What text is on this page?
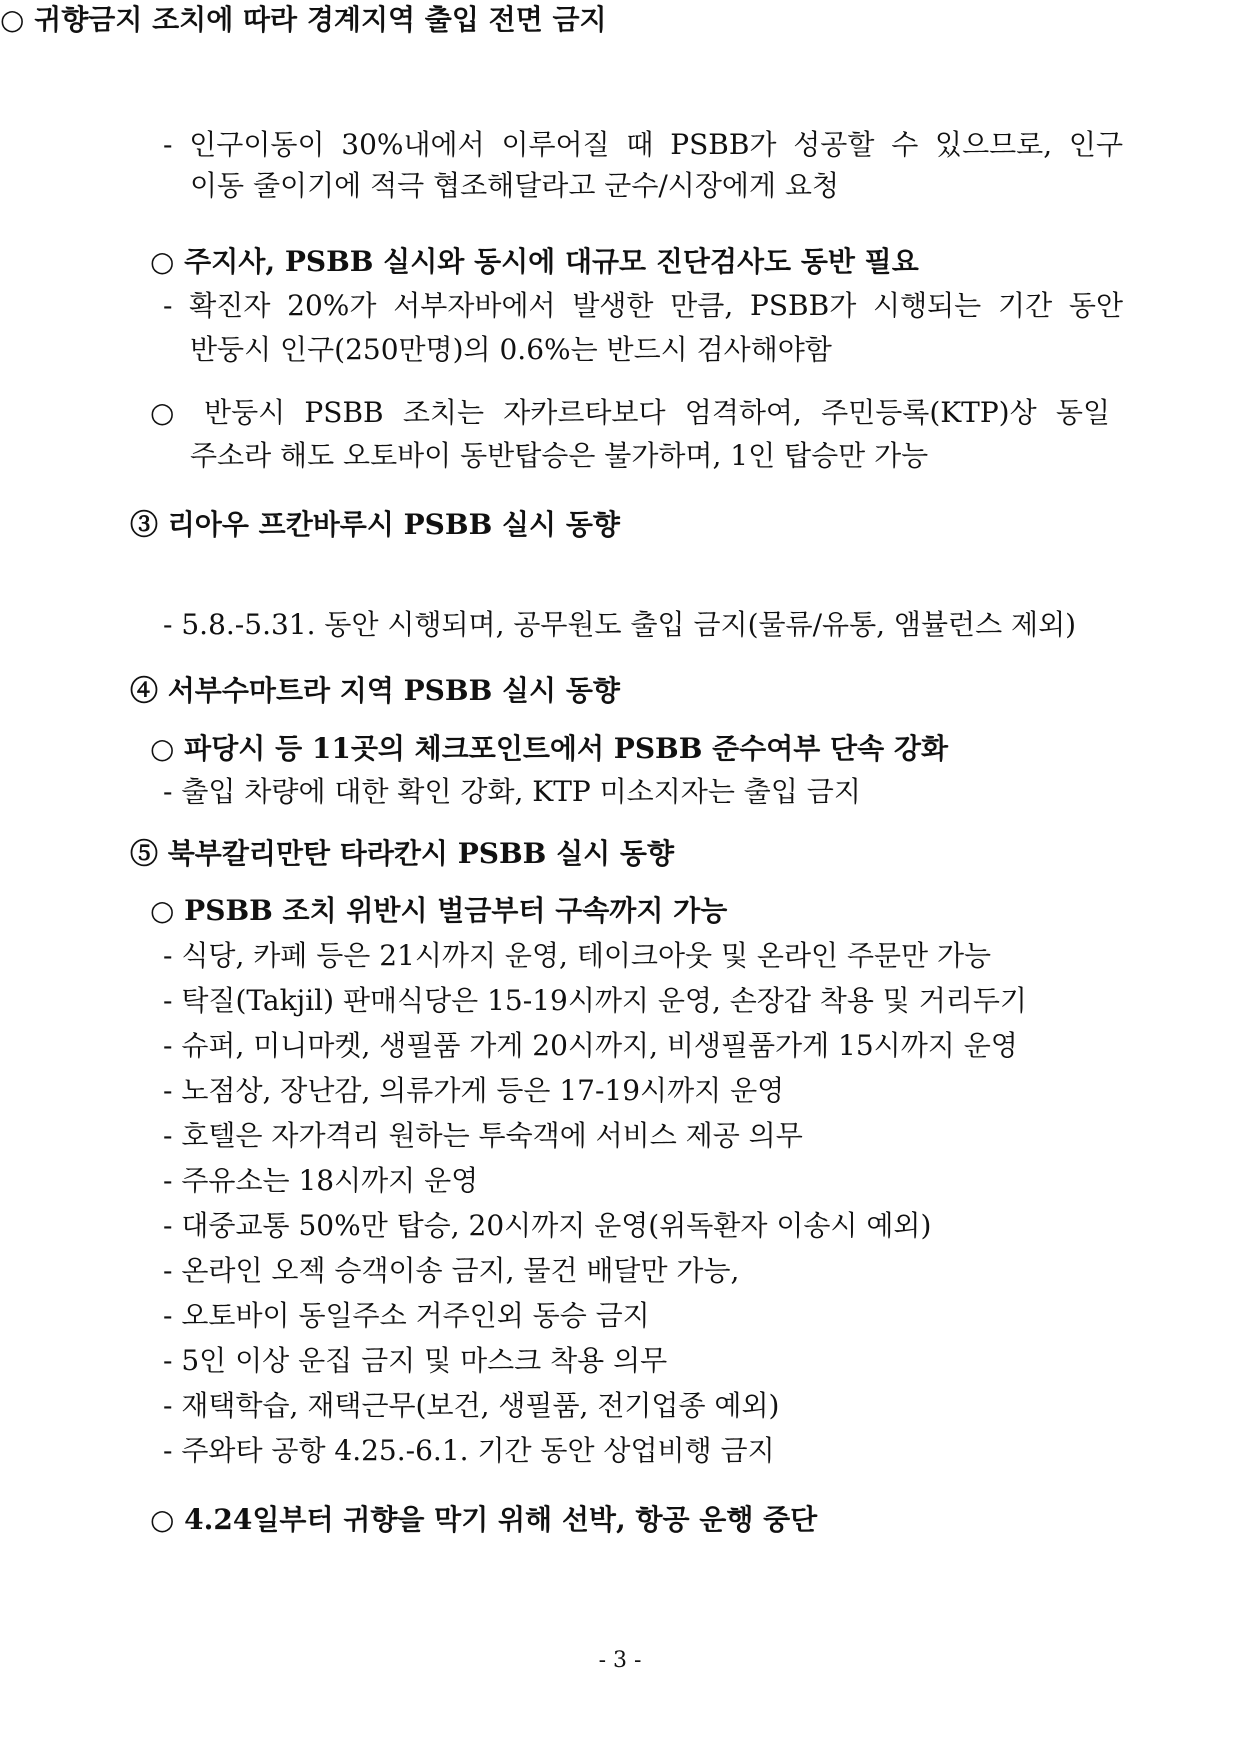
- 인구이동이 30%내에서 이루어질 때 PSBB가 성공할 수 있으므로, 인구
이동 줄이기에 적극 협조해달라고 군수/시장에게 요청
○ 주지사, PSBB 실시와 동시에 대규모 진단검사도 동반 필요
- 확진자 20%가 서부자바에서 발생한 만큼, PSBB가 시행되는 기간 동안
반둥시 인구(250만명)의 0.6%는 반드시 검사해야함
○ 반둥시 PSBB 조치는 자카르타보다 엄격하여, 주민등록(KTP)상 동일
주소라 해도 오토바이 동반탑승은 불가하며, 1인 탑승만 가능
③ 리아우 프칸바루시 PSBB 실시 동향
○ 귀향금지 조치에 따라 경계지역 출입 전면 금지
- 5.8.-5.31. 동안 시행되며, 공무원도 출입 금지(물류/유통, 앰뷸런스 제외)
④ 서부수마트라 지역 PSBB 실시 동향
○ 파당시 등 11곳의 체크포인트에서 PSBB 준수여부 단속 강화
- 출입 차량에 대한 확인 강화, KTP 미소지자는 출입 금지
⑤ 북부칼리만탄 타라칸시 PSBB 실시 동향
○ PSBB 조치 위반시 벌금부터 구속까지 가능
- 식당, 카페 등은 21시까지 운영, 테이크아웃 및 온라인 주문만 가능
- 탁질(Takjil) 판매식당은 15-19시까지 운영, 손장갑 착용 및 거리두기
- 슈퍼, 미니마켓, 생필품 가게 20시까지, 비생필품가게 15시까지 운영
- 노점상, 장난감, 의류가게 등은 17-19시까지 운영
- 호텔은 자가격리 원하는 투숙객에 서비스 제공 의무
- 주유소는 18시까지 운영
- 대중교통 50%만 탑승, 20시까지 운영(위독환자 이송시 예외)
- 온라인 오젝 승객이송 금지, 물건 배달만 가능,
- 오토바이 동일주소 거주인외 동승 금지
- 5인 이상 운집 금지 및 마스크 착용 의무
- 재택학습, 재택근무(보건, 생필품, 전기업종 예외)
- 주와타 공항 4.25.-6.1. 기간 동안 상업비행 금지
○ 4.24일부터 귀향을 막기 위해 선박, 항공 운행 중단
- 3 -
